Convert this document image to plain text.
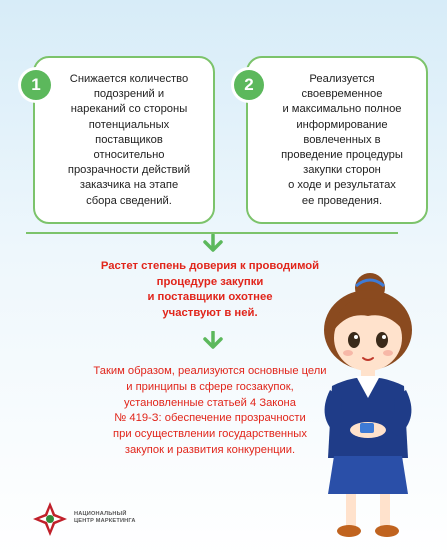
1	Снижается количество
подозрений и
нареканий со стороны
потенциальных
поставщиков
относительно
прозрачности действий
заказчика на этапе
сбора сведений.
2	Реализуется
своевременное
и максимально полное
информирование
вовлеченных в
проведение процедуры
закупки сторон
о ходе и результатах
ее проведения.
Растет степень доверия к проводимой
процедуре закупки
и поставщики охотнее
участвуют в ней.
Таким образом, реализуются основные цели
и принципы в сфере госзакупок,
установленные статьей 4 Закона
№ 419-З: обеспечение прозрачности
при осуществлении государственных
закупок и развития конкуренции.
НАЦИОНАЛЬНЫЙ
ЦЕНТР МАРКЕТИНГА
